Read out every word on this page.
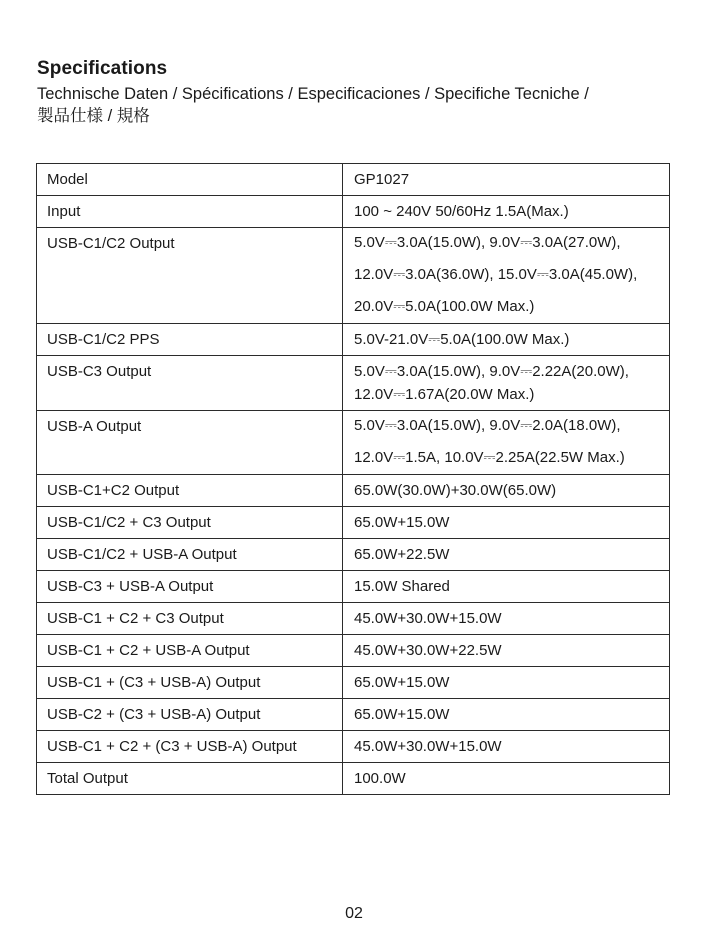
Specifications
Technische Daten / Spécifications / Especificaciones / Specifiche Tecniche /
製品仕様 / 規格
Model	GP1027

Input	100 ~ 240V 50/60Hz 1.5A(Max.)

USB-C1/C2 Output	5.0V⎓3.0A(15.0W), 9.0V⎓3.0A(27.0W),
12.0V⎓3.0A(36.0W), 15.0V⎓3.0A(45.0W),
20.0V⎓5.0A(100.0W Max.)

USB-C1/C2 PPS	5.0V-21.0V⎓5.0A(100.0W Max.)

USB-C3 Output	5.0V⎓3.0A(15.0W), 9.0V⎓2.22A(20.0W),
12.0V⎓1.67A(20.0W Max.)

USB-A Output	5.0V⎓3.0A(15.0W), 9.0V⎓2.0A(18.0W),
12.0V⎓1.5A, 10.0V⎓2.25A(22.5W Max.)

USB-C1+C2 Output	65.0W(30.0W)+30.0W(65.0W)

USB-C1/C2 + C3 Output	65.0W+15.0W

USB-C1/C2 + USB-A Output	65.0W+22.5W

USB-C3 + USB-A Output	15.0W Shared

USB-C1 + C2 + C3 Output	45.0W+30.0W+15.0W

USB-C1 + C2 + USB-A Output	45.0W+30.0W+22.5W

USB-C1 + (C3 + USB-A) Output	65.0W+15.0W

USB-C2 + (C3 + USB-A) Output	65.0W+15.0W

USB-C1 + C2 + (C3 + USB-A) Output	45.0W+30.0W+15.0W

Total Output	100.0W
02
